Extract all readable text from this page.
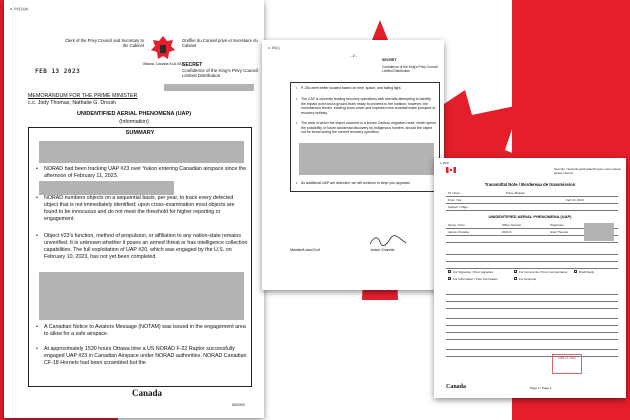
s. 69(1)(a)
Clerk of the Privy Council and Secretary to the Cabinet
Ottawa, Canada K1A 0A3
Greffier du Conseil privé et Secrétaire du Cabinet
FEB 13 2023
SECRET
Confidence of the King's Privy Council Limited Distribution
MEMORANDUM FOR THE PRIME MINISTER
c.c. Jody Thomas; Nathalie G. Drouin
UNIDENTIFIED AERIAL PHENOMENA (UAP)
(Information)
SUMMARY
• NORAD had been tracking UAP #23 over Yukon entering Canadian airspace since the afternoon of February 11, 2023.
• NORAD numbers objects on a sequential basis, per year, to track every detected object that is not immediately identified; upon cross-examination most objects are found to be innocuous and do not meet the threshold for higher reporting or engagement.
• Object #23's function, method of propulsion, or affiliation to any nation-state remains unverified. It is unknown whether it poses an armed threat or has intelligence collection capabilities. The full exploitation of UAP #20, which was engaged by the U.S. on February 10, 2023, has not yet been completed.
• A Canadian Notice to Aviators Message (NOTAM) was issued in the engagement area to allow for a safe airspace.
• At approximately 1530 hours Ottawa time a US NORAD F-22 Raptor successfully engaged UAP #23 in Canadian Airspace under NORAD authorities. NORAD Canadian CF-18 Hornets had been scrambled but the
Canada
000003
s. 69(1)
- 2 -
SECRET
Confidence of the King's Privy Council Limited Distribution
• P-23s were better located based on time, space, and failing light.
• The CAF is currently leading recovery operations with aircrafts attempting to identify the impact point and a ground team ready to proceed to the location; however, the mountainous terrain, existing snow cover and expected new snowfall make prospect of recovery unlikely.
• The area in which the object occurred is a known Caribou migration route, which opens the possibility of future accidental discovery by Indigenous hunters, should the object not be found during the current recovery operation.
• As additional UAP are detected, we will continue to keep you apprised.
Manitan/Lotan/Grof	Janice Charette
s.15(1)
Security / Sécurité (with attachments / avec pièces jointes) Secret
Transmittal Note / Bordereau de transmission
To / Pour	Prime Minister
From / De	Feb 13, 2023
Subject / Objet
UNIDENTIFIED AERIAL PHENOMENA (UAP)
Name / Nom	Office Number	Telephone
Janice Charette	2023-0	Jody Thomas
For Signature / Pour signature	For Comments / Pour commentaires
For Information / Pour information	For Approval
Draft Reply
FEB 13 2023
Canada	Page 1 / Page 1
